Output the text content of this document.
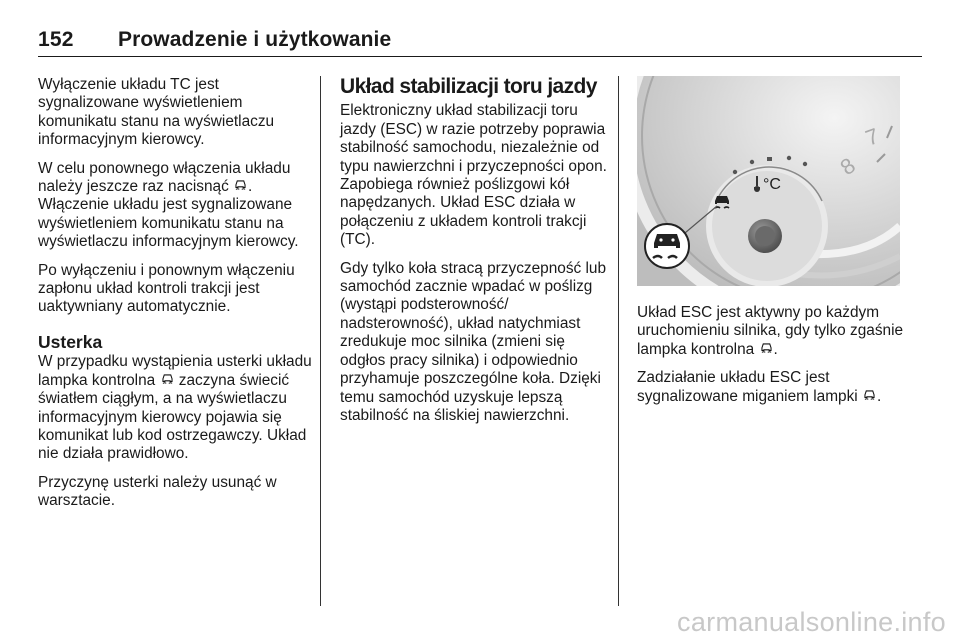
152	Prowadzenie i użytkowanie

Wyłączenie układu TC jest sygnalizowane wyświetleniem komunikatu stanu na wyświetlaczu informacyjnym kierowcy.

W celu ponownego włączenia układu należy jeszcze raz nacisnąć . Włączenie układu jest sygnalizowane wyświetleniem komunikatu stanu na wyświetlaczu informacyjnym kierowcy.

Po wyłączeniu i ponownym włączeniu zapłonu układ kontroli trakcji jest uaktywniany automatycznie.

Usterka

W przypadku wystąpienia usterki układu lampka kontrolna zaczyna świecić światłem ciągłym, a na wyświetlaczu informacyjnym kierowcy pojawia się komunikat lub kod ostrzegawczy. Układ nie działa prawidłowo.

Przyczynę usterki należy usunąć w warsztacie.

Układ stabilizacji toru jazdy

Elektroniczny układ stabilizacji toru jazdy (ESC) w razie potrzeby poprawia stabilność samochodu, niezależnie od typu nawierzchni i przyczepności opon. Zapobiega również poślizgowi kół napędzanych. Układ ESC działa w połączeniu z układem kontroli trakcji (TC).

Gdy tylko koła stracą przyczepność lub samochód zacznie wpadać w poślizg (wystąpi podsterowność/ nadsterowność), układ natychmiast zredukuje moc silnika (zmieni się odgłos pracy silnika) i odpowiednio przyhamuje poszczególne koła. Dzięki temu samochód uzyskuje lepszą stabilność na śliskiej nawierzchni.

7
8
°C

Układ ESC jest aktywny po każdym uruchomieniu silnika, gdy tylko zgaśnie lampka kontrolna .

Zadziałanie układu ESC jest sygnalizowane miganiem lampki .

carmanualsonline.info
